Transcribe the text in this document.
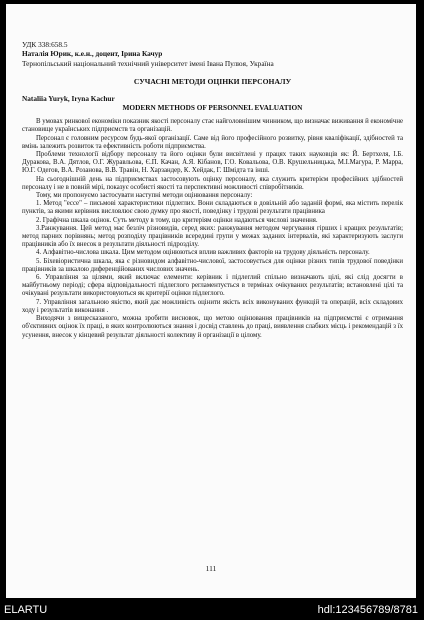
УДК 338:658.5

Наталія Юрик, к.е.н., доцент, Ірина Качур

Тернопільський національний технічний університет імені Івана Пулюя, Україна

СУЧАСНІ МЕТОДИ ОЦІНКИ ПЕРСОНАЛУ

Nataliia Yuryk, Iryna Kachur

MODERN METHODS OF PERSONNEL EVALUATION

В умовах ринкової економіки показник якості персоналу стає найголовнішим чинником, що визначає виживання й економічне становище українських підприємств та організацій.

Персонал є головним ресурсом будь-якої організації. Саме від його професійного розвитку, рівня кваліфікації, здібностей та вмінь залежить розвиток та ефективність роботи підприємства.

Проблеми технології відбору персоналу та його оцінки були висвітлені у працях таких науковців як: Й. Бертхеля, І.Б. Дуракова, В.А. Дятлов, О.Г. Журавльова, Є.П. Качан, А.Я. Кібанов, Г.О. Ковальова, О.В. Крушельницька, М.І.Магура, Р. Марра, Ю.Г. Одегов, В.А. Розанова, В.В. Травін, Н. Харзандер, К. Хейдак, Г. Шмідта та інші.

На сьогоднішній день на підприємствах застосовують оцінку персоналу, яка служить критерієм професійних здібностей персоналу і не в повній мірі, показує особисті якості та перспективні можливості співробітників.

Тому, ми пропонуємо застосувати наступні методи оцінювання персоналу:

1. Метод "ессе" – письмові характеристики підлеглих. Вони складаються в довільній або заданій формі, яка містить перелік пунктів, за якими керівник висловлює свою думку про якості, поведінку і трудові результати працівника

2. Графічна шкала оцінок. Суть методу в тому, що критеріям оцінки надаються числові значення.

3.Ранжування. Цей метод має безліч різновидів, серед яких: ранжування методом чергування гірших і кращих результатів; метод парних порівнянь; метод розподілу працівників всередині групи у межах заданих інтервалів, які характеризують заслуги працівників або їх внесок в результати діяльності підрозділу.

4. Алфавітно-числова шкала. Цим методом оцінюються вплив важливих факторів на трудову діяльність персоналу.

5. Біхевіористична шкала, яка є різновидом алфавітно-числової, застосовується для оцінки різних типів трудової поведінки працівників за шкалою диференційованих числових значень.

6. Управління за цілями, який включає елементи: керівник і підлеглий спільно визначають цілі, які слід досягти в майбутньому періоді; сфера відповідальності підлеглого регламентується в термінах очікуваних результатів; встановлені цілі та очікувані результати використовуються як критерії оцінки підлеглого.

7. Управління загальною якістю, який дає можливість оцінити якість всіх виконуваних функцій та операцій, всіх складових ходу і результатів виконання .

Виходячи з вищесказаного, можна зробити висновок, що метою оцінювання працівників на підприємстві є отримання об'єктивних оцінок їх праці, в яких контролюються знання і досвід ставлень до праці, виявлення слабких місць і рекомендацій з їх усунення, внесок у кінцевий результат діяльності колективу й організації в цілому.

111
ELARTU	hdl:123456789/8781
